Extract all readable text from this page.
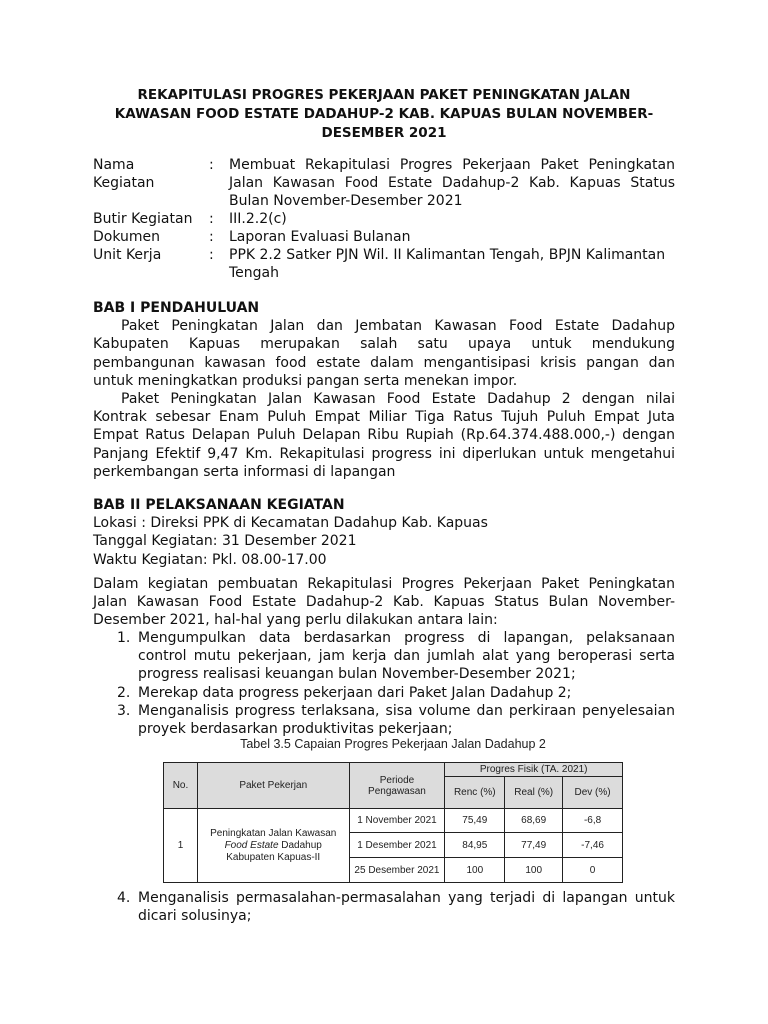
REKAPITULASI PROGRES PEKERJAAN PAKET PENINGKATAN JALAN
KAWASAN FOOD ESTATE DADAHUP-2 KAB. KAPUAS BULAN NOVEMBER-
DESEMBER 2021
Nama
Kegiatan
: Membuat Rekapitulasi Progres Pekerjaan Paket Peningkatan
Jalan Kawasan Food Estate Dadahup-2 Kab. Kapuas Status
Bulan November-Desember 2021
Butir Kegiatan : III.2.2(c)
Dokumen	: Laporan Evaluasi Bulanan
Unit Kerja	: PPK 2.2 Satker PJN Wil. II Kalimantan Tengah, BPJN Kalimantan
Tengah
BAB I PENDAHULUAN
Paket Peningkatan Jalan dan Jembatan Kawasan Food Estate Dadahup
Kabupaten Kapuas merupakan salah satu upaya untuk mendukung
pembangunan kawasan food estate dalam mengantisipasi krisis pangan dan
untuk meningkatkan produksi pangan serta menekan impor.
Paket Peningkatan Jalan Kawasan Food Estate Dadahup 2 dengan nilai
Kontrak sebesar Enam Puluh Empat Miliar Tiga Ratus Tujuh Puluh Empat Juta
Empat Ratus Delapan Puluh Delapan Ribu Rupiah (Rp.64.374.488.000,-) dengan
Panjang Efektif 9,47 Km. Rekapitulasi progress ini diperlukan untuk mengetahui
perkembangan serta informasi di lapangan
BAB II PELAKSANAAN KEGIATAN
Lokasi : Direksi PPK di Kecamatan Dadahup Kab. Kapuas
Tanggal Kegiatan: 31 Desember 2021
Waktu Kegiatan: Pkl. 08.00-17.00
Dalam kegiatan pembuatan Rekapitulasi Progres Pekerjaan Paket Peningkatan
Jalan Kawasan Food Estate Dadahup-2 Kab. Kapuas Status Bulan November-
Desember 2021, hal-hal yang perlu dilakukan antara lain:
1. Mengumpulkan data berdasarkan progress di lapangan, pelaksanaan
control mutu pekerjaan, jam kerja dan jumlah alat yang beroperasi serta
progress realisasi keuangan bulan November-Desember 2021;
2. Merekap data progress pekerjaan dari Paket Jalan Dadahup 2;
3. Menganalisis progress terlaksana, sisa volume dan perkiraan penyelesaian
proyek berdasarkan produktivitas pekerjaan;
Tabel 3.5 Capaian Progres Pekerjaan Jalan Dadahup 2
No.	Paket Pekerjan	Periode Pengawasan	Progres Fisik (TA. 2021)		
			Renc (%)	Real (%)	Dev (%)
1	Peningkatan Jalan Kawasan
Food Estate Dadahup
Kabupaten Kapuas-II	1 November 2021	75,49	68,69	-6,8
		1 Desember 2021	84,95	77,49	-7,46
		25 Desember 2021	100	100	0
4. Menganalisis permasalahan-permasalahan yang terjadi di lapangan untuk
dicari solusinya;
